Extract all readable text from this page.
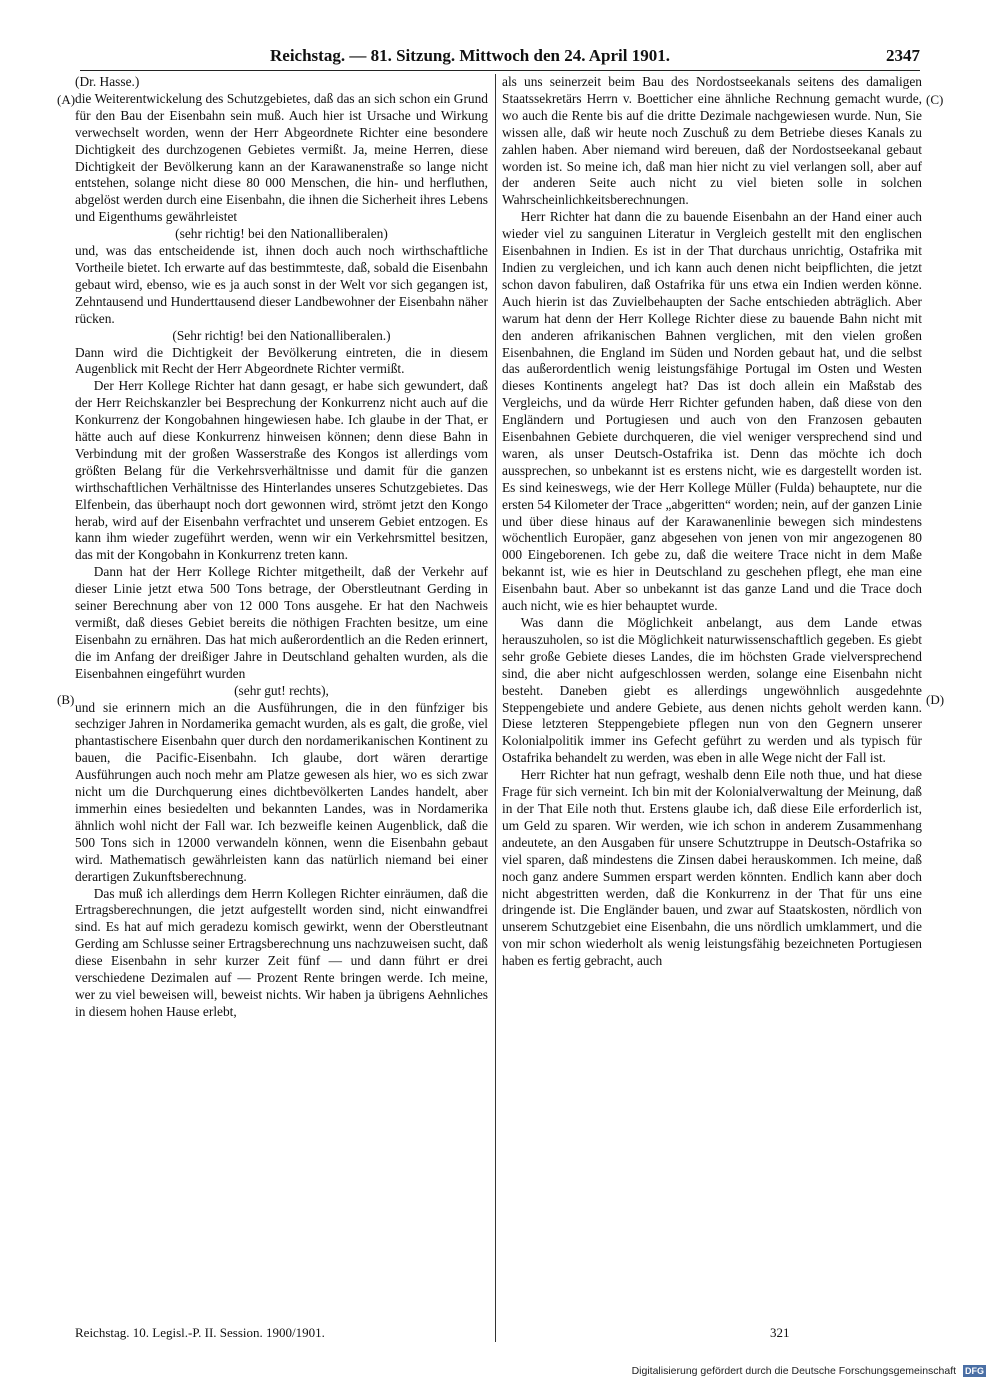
Reichstag. — 81. Sitzung. Mittwoch den 24. April 1901.	2347
(A)
(B)
(C)
(D)

(Dr. Hasse.)

die Weiterentwickelung des Schutzgebietes, daß das an sich schon ein Grund für den Bau der Eisenbahn sein muß. Auch hier ist Ursache und Wirkung verwechselt worden, wenn der Herr Abgeordnete Richter eine besondere Dichtigkeit des durchzogenen Gebietes vermißt. Ja, meine Herren, diese Dichtigkeit der Bevölkerung kann an der Karawanenstraße so lange nicht entstehen, solange nicht diese 80 000 Menschen, die hin- und herfluthen, abgelöst werden durch eine Eisenbahn, die ihnen die Sicherheit ihres Lebens und Eigenthums gewährleistet

(sehr richtig! bei den Nationalliberalen)

und, was das entscheidende ist, ihnen doch auch noch wirthschaftliche Vortheile bietet. Ich erwarte auf das bestimmteste, daß, sobald die Eisenbahn gebaut wird, ebenso, wie es ja auch sonst in der Welt vor sich gegangen ist, Zehntausend und Hunderttausend dieser Landbewohner der Eisenbahn näher rücken.

(Sehr richtig! bei den Nationalliberalen.)

Dann wird die Dichtigkeit der Bevölkerung eintreten, die in diesem Augenblick mit Recht der Herr Abgeordnete Richter vermißt.

Der Herr Kollege Richter hat dann gesagt, er habe sich gewundert, daß der Herr Reichskanzler bei Besprechung der Konkurrenz nicht auch auf die Konkurrenz der Kongobahnen hingewiesen habe. Ich glaube in der That, er hätte auch auf diese Konkurrenz hinweisen können; denn diese Bahn in Verbindung mit der großen Wasserstraße des Kongos ist allerdings vom größten Belang für die Verkehrsverhältnisse und damit für die ganzen wirthschaftlichen Verhältnisse des Hinterlandes unseres Schutzgebietes. Das Elfenbein, das überhaupt noch dort gewonnen wird, strömt jetzt den Kongo herab, wird auf der Eisenbahn verfrachtet und unserem Gebiet entzogen. Es kann ihm wieder zugeführt werden, wenn wir ein Verkehrsmittel besitzen, das mit der Kongobahn in Konkurrenz treten kann.

Dann hat der Herr Kollege Richter mitgetheilt, daß der Verkehr auf dieser Linie jetzt etwa 500 Tons betrage, der Oberstleutnant Gerding in seiner Berechnung aber von 12 000 Tons ausgehe. Er hat den Nachweis vermißt, daß dieses Gebiet bereits die nöthigen Frachten besitze, um eine Eisenbahn zu ernähren. Das hat mich außerordentlich an die Reden erinnert, die im Anfang der dreißiger Jahre in Deutschland gehalten wurden, als die Eisenbahnen eingeführt wurden

(sehr gut! rechts),

und sie erinnern mich an die Ausführungen, die in den fünfziger bis sechziger Jahren in Nordamerika gemacht wurden, als es galt, die große, viel phantastischere Eisenbahn quer durch den nordamerikanischen Kontinent zu bauen, die Pacific-Eisenbahn. Ich glaube, dort wären derartige Ausführungen auch noch mehr am Platze gewesen als hier, wo es sich zwar nicht um die Durchquerung eines dichtbevölkerten Landes handelt, aber immerhin eines besiedelten und bekannten Landes, was in Nordamerika ähnlich wohl nicht der Fall war. Ich bezweifle keinen Augenblick, daß die 500 Tons sich in 12000 verwandeln können, wenn die Eisenbahn gebaut wird. Mathematisch gewährleisten kann das natürlich niemand bei einer derartigen Zukunftsberechnung.

Das muß ich allerdings dem Herrn Kollegen Richter einräumen, daß die Ertragsberechnungen, die jetzt aufgestellt worden sind, nicht einwandfrei sind. Es hat auf mich geradezu komisch gewirkt, wenn der Oberstleutnant Gerding am Schlusse seiner Ertragsberechnung uns nachzuweisen sucht, daß diese Eisenbahn in sehr kurzer Zeit fünf — und dann führt er drei verschiedene Dezimalen auf — Prozent Rente bringen werde. Ich meine, wer zu viel beweisen will, beweist nichts. Wir haben ja übrigens Aehnliches in diesem hohen Hause erlebt,

als uns seinerzeit beim Bau des Nordostseekanals seitens des damaligen Staatssekretärs Herrn v. Boetticher eine ähnliche Rechnung gemacht wurde, wo auch die Rente bis auf die dritte Dezimale nachgewiesen wurde. Nun, Sie wissen alle, daß wir heute noch Zuschuß zu dem Betriebe dieses Kanals zu zahlen haben. Aber niemand wird bereuen, daß der Nordostseekanal gebaut worden ist. So meine ich, daß man hier nicht zu viel verlangen soll, aber auf der anderen Seite auch nicht zu viel bieten solle in solchen Wahrscheinlichkeitsberechnungen.

Herr Richter hat dann die zu bauende Eisenbahn an der Hand einer auch wieder viel zu sanguinen Literatur in Vergleich gestellt mit den englischen Eisenbahnen in Indien. Es ist in der That durchaus unrichtig, Ostafrika mit Indien zu vergleichen, und ich kann auch denen nicht beipflichten, die jetzt schon davon fabuliren, daß Ostafrika für uns etwa ein Indien werden könne. Auch hierin ist das Zuvielbehaupten der Sache entschieden abträglich. Aber warum hat denn der Herr Kollege Richter diese zu bauende Bahn nicht mit den anderen afrikanischen Bahnen verglichen, mit den vielen großen Eisenbahnen, die England im Süden und Norden gebaut hat, und die selbst das außerordentlich wenig leistungsfähige Portugal im Osten und Westen dieses Kontinents angelegt hat? Das ist doch allein ein Maßstab des Vergleichs, und da würde Herr Richter gefunden haben, daß diese von den Engländern und Portugiesen und auch von den Franzosen gebauten Eisenbahnen Gebiete durchqueren, die viel weniger versprechend sind und waren, als unser Deutsch-Ostafrika ist. Denn das möchte ich doch aussprechen, so unbekannt ist es erstens nicht, wie es dargestellt worden ist. Es sind keineswegs, wie der Herr Kollege Müller (Fulda) behauptete, nur die ersten 54 Kilometer der Trace „abgeritten“ worden; nein, auf der ganzen Linie und über diese hinaus auf der Karawanenlinie bewegen sich mindestens wöchentlich Europäer, ganz abgesehen von jenen von mir angezogenen 80 000 Eingeborenen. Ich gebe zu, daß die weitere Trace nicht in dem Maße bekannt ist, wie es hier in Deutschland zu geschehen pflegt, ehe man eine Eisenbahn baut. Aber so unbekannt ist das ganze Land und die Trace doch auch nicht, wie es hier behauptet wurde.

Was dann die Möglichkeit anbelangt, aus dem Lande etwas herauszuholen, so ist die Möglichkeit naturwissenschaftlich gegeben. Es giebt sehr große Gebiete dieses Landes, die im höchsten Grade vielversprechend sind, die aber nicht aufgeschlossen werden, solange eine Eisenbahn nicht besteht. Daneben giebt es allerdings ungewöhnlich ausgedehnte Steppengebiete und andere Gebiete, aus denen nichts geholt werden kann. Diese letzteren Steppengebiete pflegen nun von den Gegnern unserer Kolonialpolitik immer ins Gefecht geführt zu werden und als typisch für Ostafrika behandelt zu werden, was eben in alle Wege nicht der Fall ist.

Herr Richter hat nun gefragt, weshalb denn Eile noth thue, und hat diese Frage für sich verneint. Ich bin mit der Kolonialverwaltung der Meinung, daß in der That Eile noth thut. Erstens glaube ich, daß diese Eile erforderlich ist, um Geld zu sparen. Wir werden, wie ich schon in anderem Zusammenhang andeutete, an den Ausgaben für unsere Schutztruppe in Deutsch-Ostafrika so viel sparen, daß mindestens die Zinsen dabei herauskommen. Ich meine, daß noch ganz andere Summen erspart werden könnten. Endlich kann aber doch nicht abgestritten werden, daß die Konkurrenz in der That für uns eine dringende ist. Die Engländer bauen, und zwar auf Staatskosten, nördlich von unserem Schutzgebiet eine Eisenbahn, die uns nördlich umklammert, und die von mir schon wiederholt als wenig leistungsfähig bezeichneten Portugiesen haben es fertig gebracht, auch

Reichstag. 10. Legisl.-P. II. Session. 1900/1901.	321
Digitalisierung gefördert durch die Deutsche Forschungsgemeinschaft DFG
